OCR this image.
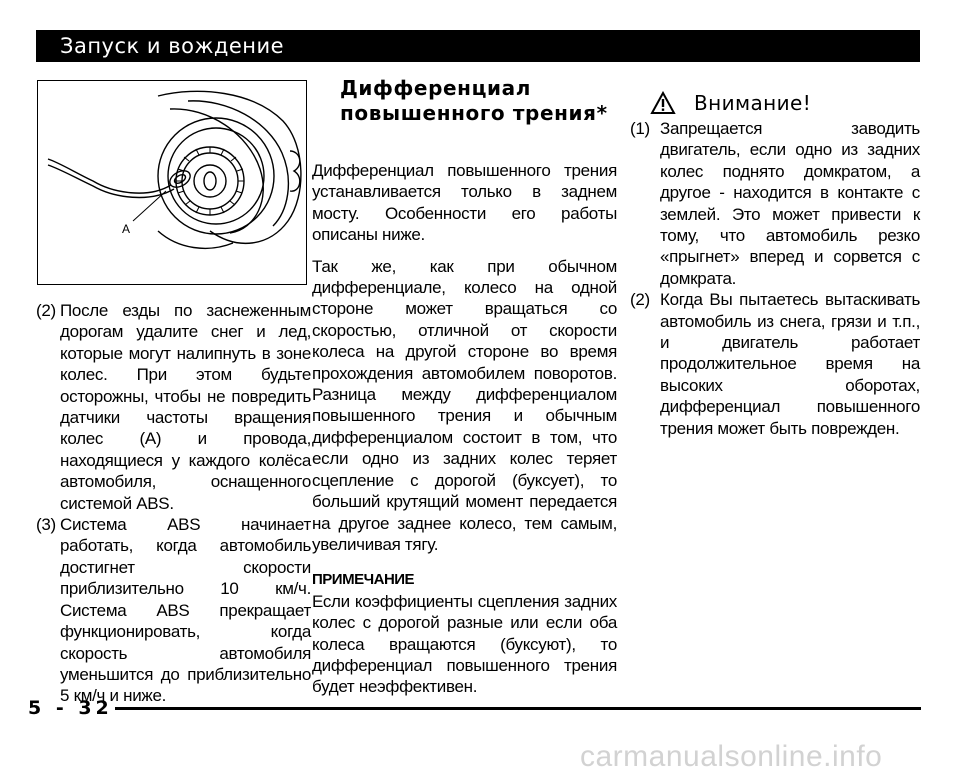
Запуск и вождение
A
(2) После езды по заснеженным дорогам удалите снег и лед, которые могут налипнуть в зоне колес. При этом будьте осторожны, чтобы не повредить датчики частоты вращения колес (A) и провода, находящиеся у каждого колёса автомобиля, оснащенного системой ABS.

(3) Система ABS начинает работать, когда автомобиль достигнет скорости приблизительно 10 км/ч. Система ABS прекращает функционировать, когда скорость автомобиля уменьшится до приблизительно 5 км/ч и ниже.

Дифференциал повышенного трения*

Дифференциал повышенного трения устанавливается только в заднем мосту. Особенности его работы описаны ниже.

Так же, как при обычном дифференциале, колесо на одной стороне может вращаться со скоростью, отличной от скорости колеса на другой стороне во время прохождения автомобилем поворотов. Разница между дифференциалом повышенного трения и обычным дифференциалом состоит в том, что если одно из задних колес теряет сцепление с дорогой (буксует), то больший крутящий момент передается на другое заднее колесо, тем самым, увеличивая тягу.

ПРИМЕЧАНИЕ

Если коэффициенты сцепления задних колес с дорогой разные или если оба колеса вращаются (буксуют), то дифференциал повышенного трения будет неэффективен.

Внимание!
(1) Запрещается заводить двигатель, если одно из задних колес поднято домкратом, а другое - находится в контакте с землей. Это может привести к тому, что автомобиль резко «прыгнет» вперед и сорвется с домкрата.

(2) Когда Вы пытаетесь вытаскивать автомобиль из снега, грязи и т.п., и двигатель работает продолжительное время на высоких оборотах, дифференциал повышенного трения может быть поврежден.

5 - 32
carmanualsonline.info
